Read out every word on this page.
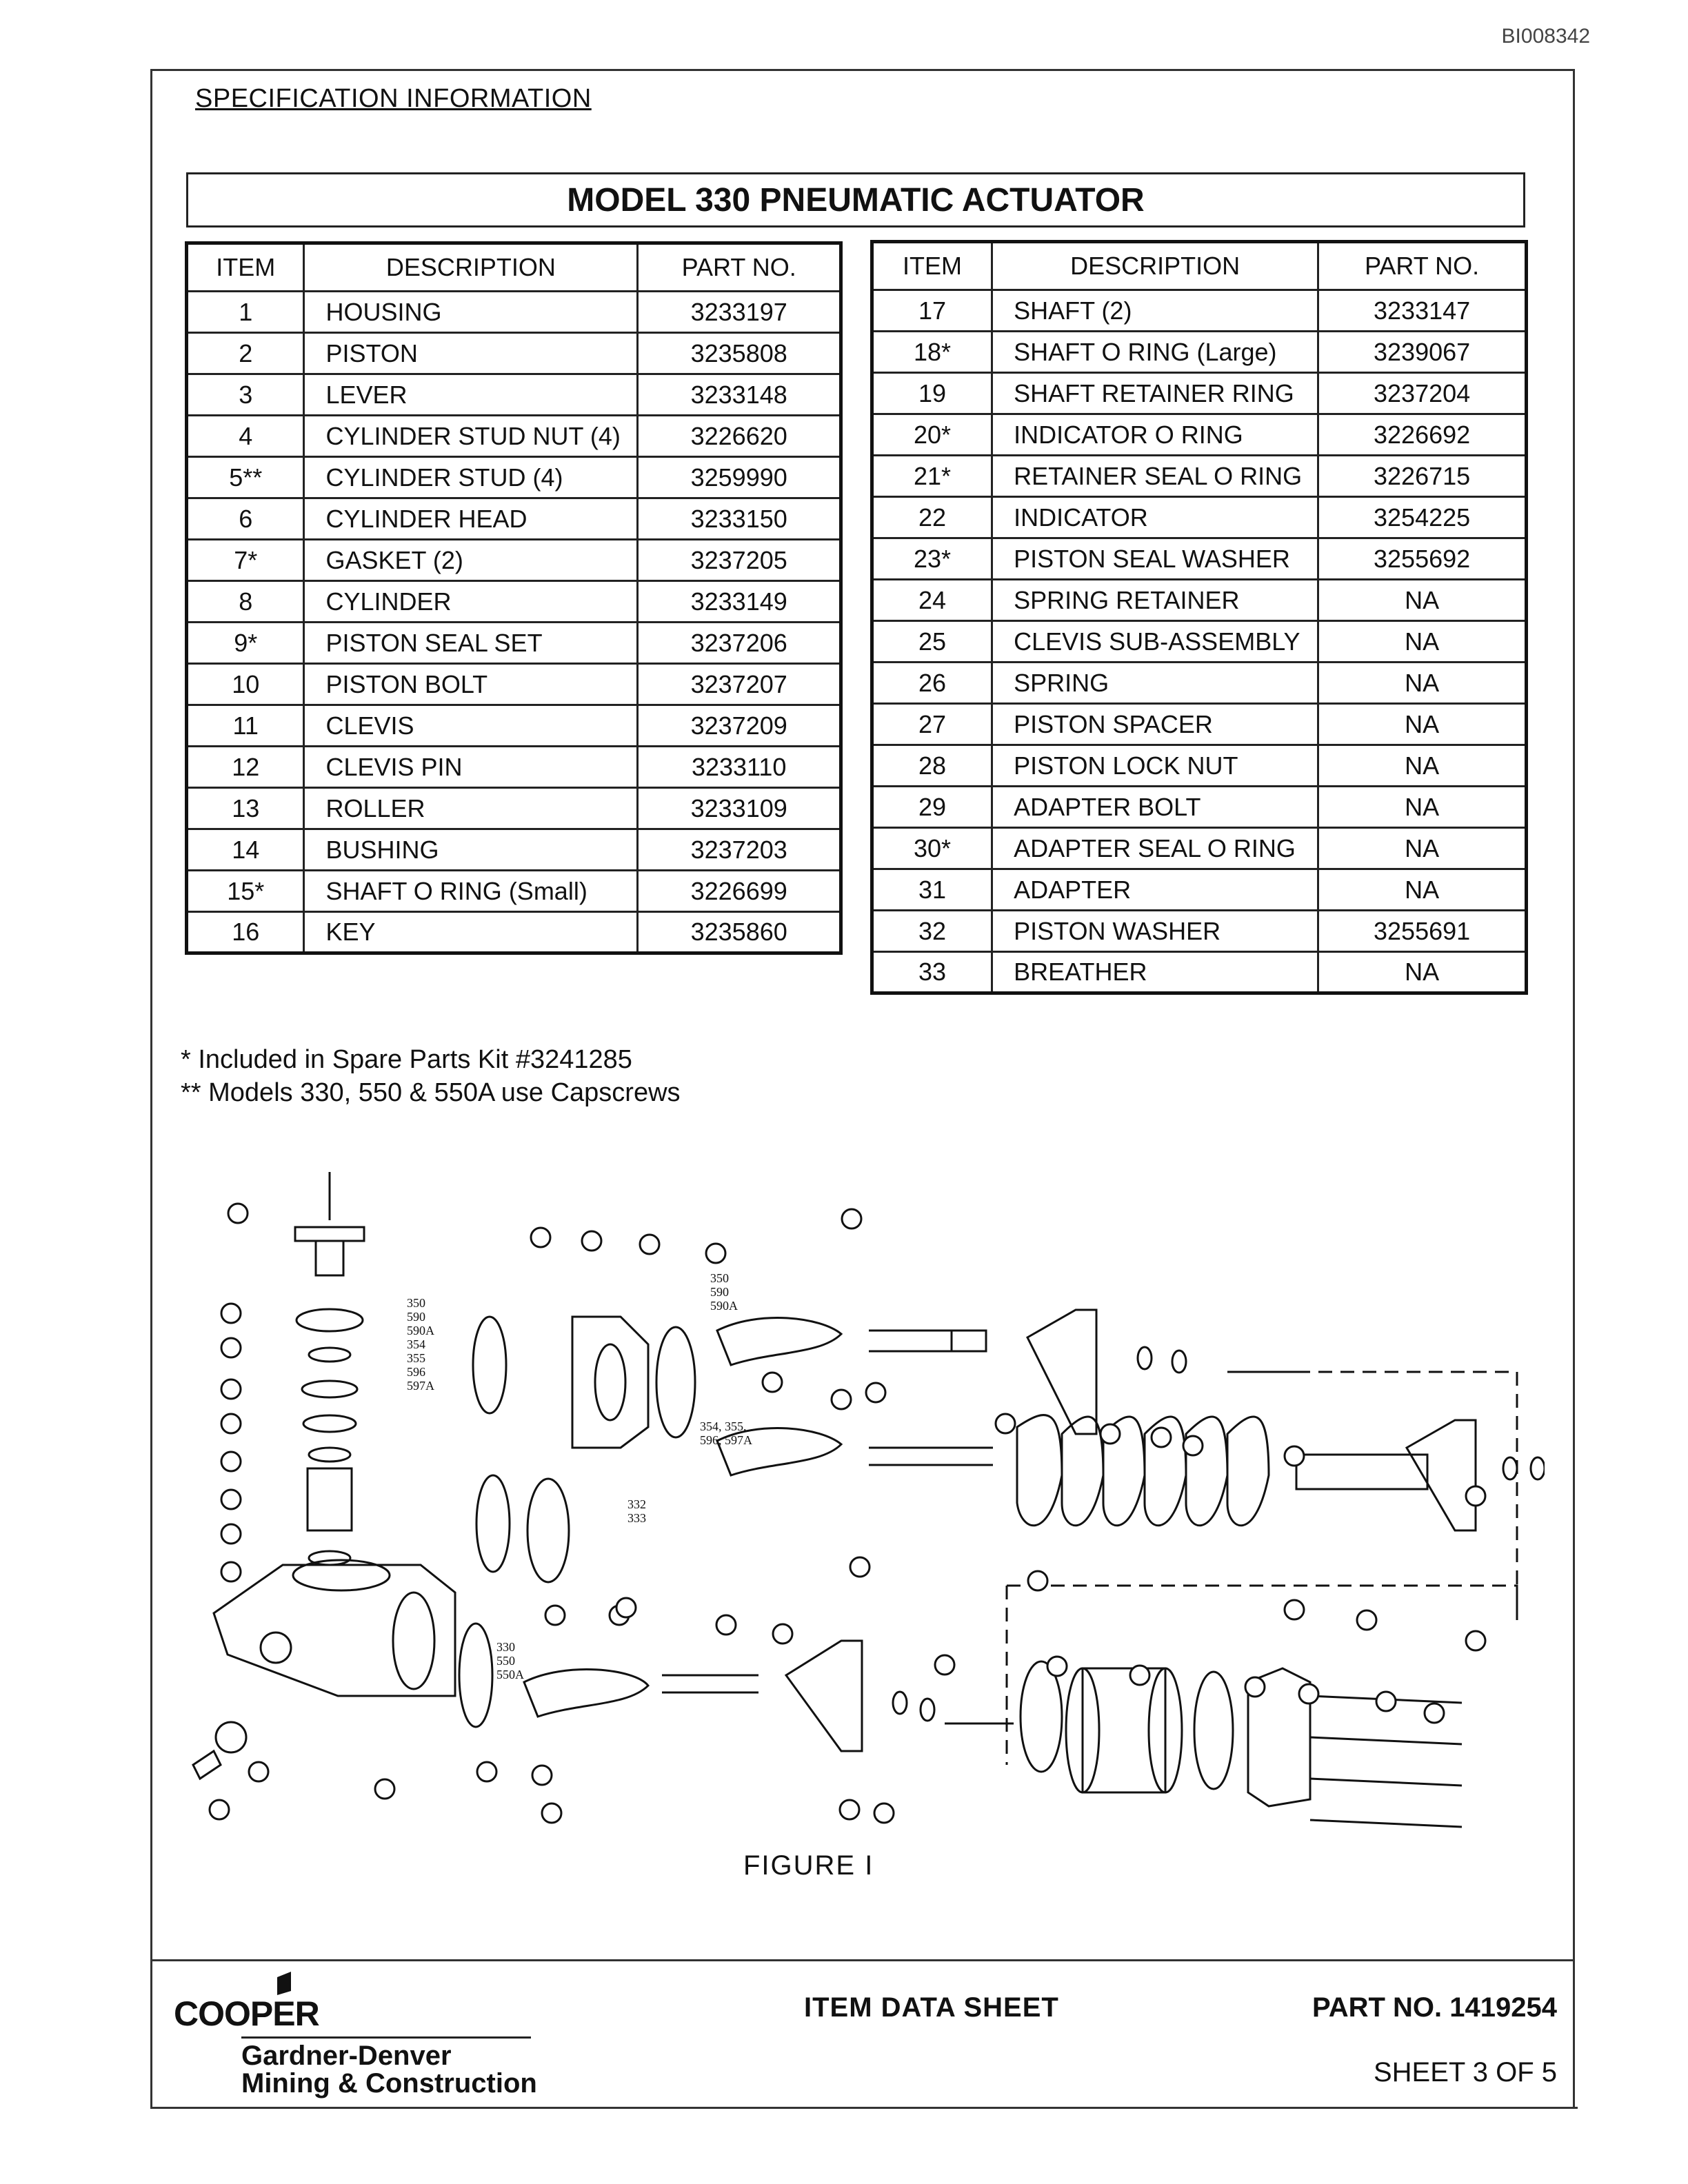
BI008342
SPECIFICATION INFORMATION
MODEL 330 PNEUMATIC ACTUATOR
ITEM	DESCRIPTION	PART NO.
1	HOUSING	3233197
2	PISTON	3235808
3	LEVER	3233148
4	CYLINDER STUD NUT (4)	3226620
5**	CYLINDER STUD (4)	3259990
6	CYLINDER HEAD	3233150
7*	GASKET (2)	3237205
8	CYLINDER	3233149
9*	PISTON SEAL SET	3237206
10	PISTON BOLT	3237207
11	CLEVIS	3237209
12	CLEVIS PIN	3233110
13	ROLLER	3233109
14	BUSHING	3237203
15*	SHAFT O RING (Small)	3226699
16	KEY	3235860
ITEM	DESCRIPTION	PART NO.
17	SHAFT (2)	3233147
18*	SHAFT O RING (Large)	3239067
19	SHAFT RETAINER RING	3237204
20*	INDICATOR O RING	3226692
21*	RETAINER SEAL O RING	3226715
22	INDICATOR	3254225
23*	PISTON SEAL WASHER	3255692
24	SPRING RETAINER	NA
25	CLEVIS SUB-ASSEMBLY	NA
26	SPRING	NA
27	PISTON SPACER	NA
28	PISTON LOCK NUT	NA
29	ADAPTER BOLT	NA
30*	ADAPTER SEAL O RING	NA
31	ADAPTER	NA
32	PISTON WASHER	3255691
33	BREATHER	NA
* Included in Spare Parts Kit #3241285
** Models 330, 550 & 550A use Capscrews
350
590
590A
354
355
596
597A
350
590
590A
354, 355,
596, 597A
332
333
330
550
550A
FIGURE I
COOPER
Gardner-Denver
Mining & Construction
ITEM DATA SHEET	PART NO. 1419254
SHEET 3 OF 5
